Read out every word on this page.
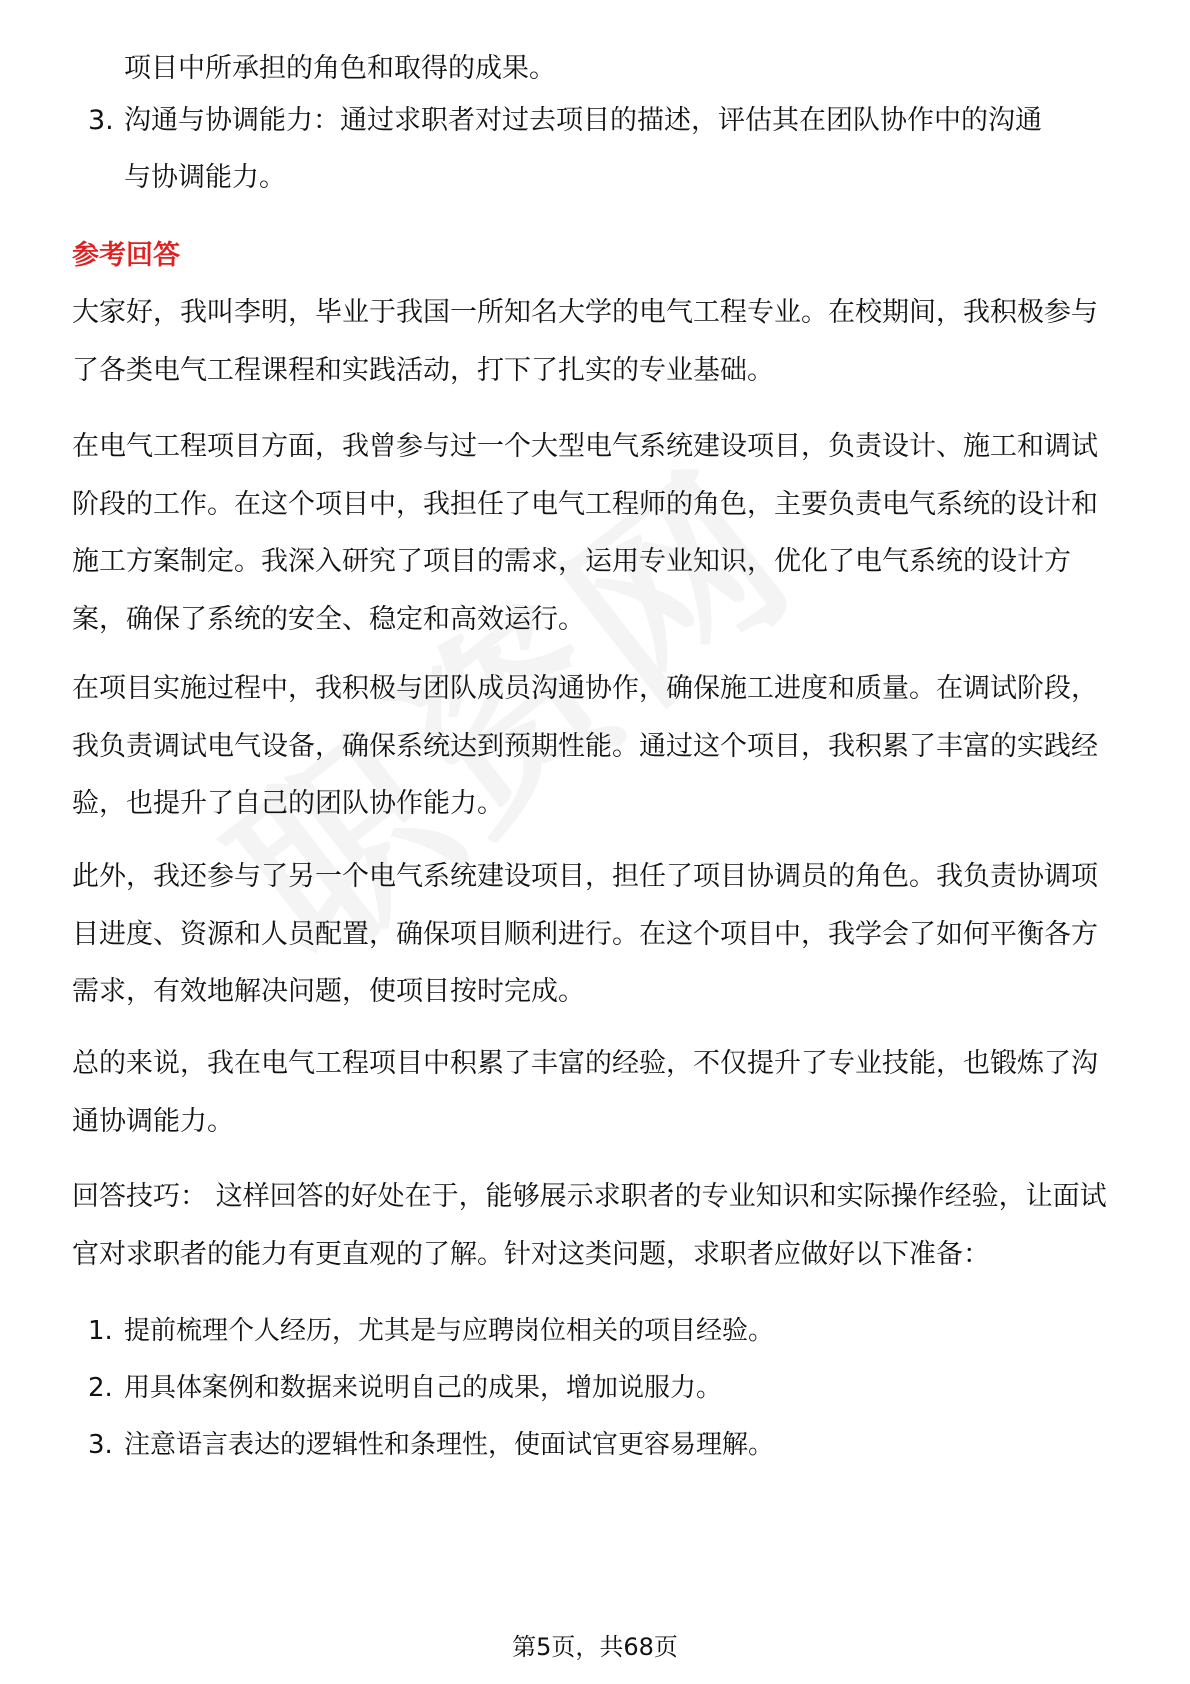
项目中所承担的角色和取得的成果。

3. 沟通与协调能力：通过求职者对过去项目的描述，评估其在团队协作中的沟通与协调能力。
参考回答

大家好，我叫李明，毕业于我国一所知名大学的电气工程专业。在校期间，我积极参与了各类电气工程课程和实践活动，打下了扎实的专业基础。

在电气工程项目方面，我曾参与过一个大型电气系统建设项目，负责设计、施工和调试阶段的工作。在这个项目中，我担任了电气工程师的角色，主要负责电气系统的设计和施工方案制定。我深入研究了项目的需求，运用专业知识，优化了电气系统的设计方案，确保了系统的安全、稳定和高效运行。

在项目实施过程中，我积极与团队成员沟通协作，确保施工进度和质量。在调试阶段，我负责调试电气设备，确保系统达到预期性能。通过这个项目，我积累了丰富的实践经验，也提升了自己的团队协作能力。

此外，我还参与了另一个电气系统建设项目，担任了项目协调员的角色。我负责协调项目进度、资源和人员配置，确保项目顺利进行。在这个项目中，我学会了如何平衡各方需求，有效地解决问题，使项目按时完成。

总的来说，我在电气工程项目中积累了丰富的经验，不仅提升了专业技能，也锻炼了沟通协调能力。

回答技巧： 这样回答的好处在于，能够展示求职者的专业知识和实际操作经验，让面试官对求职者的能力有更直观的了解。针对这类问题，求职者应做好以下准备：

1. 提前梳理个人经历，尤其是与应聘岗位相关的项目经验。
2. 用具体案例和数据来说明自己的成果，增加说服力。
3. 注意语言表达的逻辑性和条理性，使面试官更容易理解。
第5页，共68页
